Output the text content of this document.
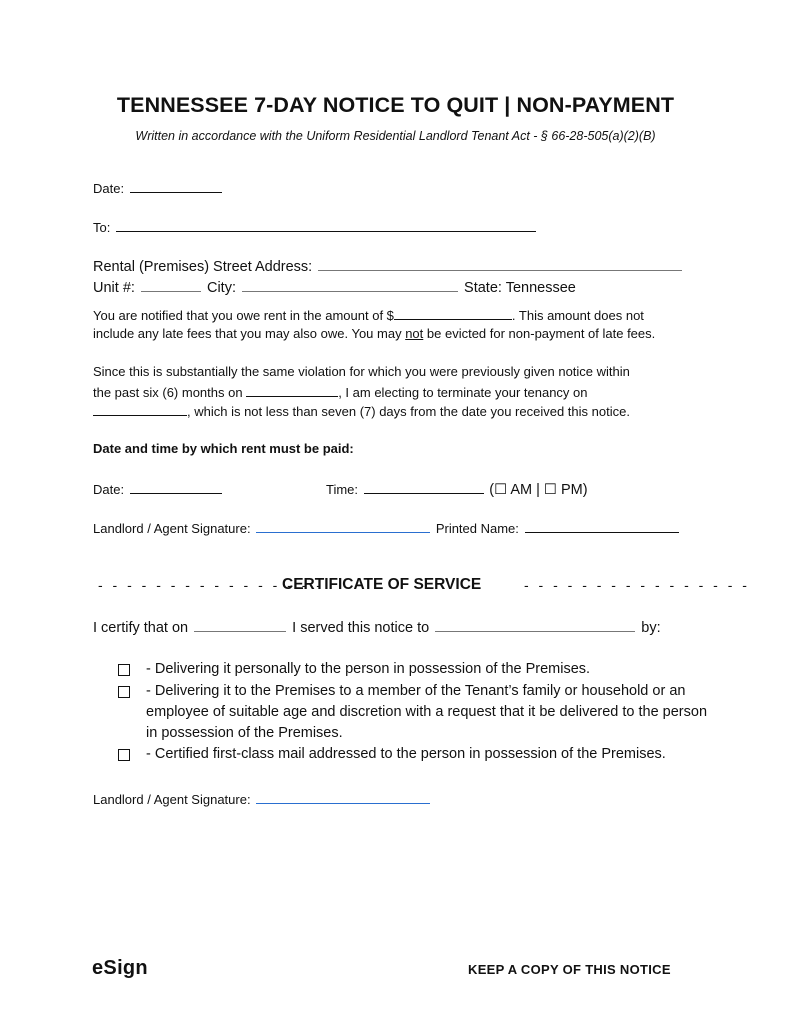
TENNESSEE 7-DAY NOTICE TO QUIT | NON-PAYMENT
Written in accordance with the Uniform Residential Landlord Tenant Act - § 66-28-505(a)(2)(B)
Date:
To:
Rental (Premises) Street Address:
Unit #:	City:	State: Tennessee
You are notified that you owe rent in the amount of $	. This amount does not
include any late fees that you may also owe. You may not be evicted for non-payment of late fees.
Since this is substantially the same violation for which you were previously given notice within
the past six (6) months on	, I am electing to terminate your tenancy on
, which is not less than seven (7) days from the date you received this notice.
Date and time by which rent must be paid:
Date:	Time:	(☐ AM | ☐ PM)
Landlord / Agent Signature:	Printed Name:
- - - - - - - - - - - - - - - -
CERTIFICATE OF SERVICE	- - - - - - - - - - - - - - - -
I certify that on	I served this notice to	by:
- Delivering it personally to the person in possession of the Premises.
- Delivering it to the Premises to a member of the Tenant’s family or household or an employee of suitable age and discretion with a request that it be delivered to the person in possession of the Premises.
- Certified first-class mail addressed to the person in possession of the Premises.
Landlord / Agent Signature:
eSign	KEEP A COPY OF THIS NOTICE
